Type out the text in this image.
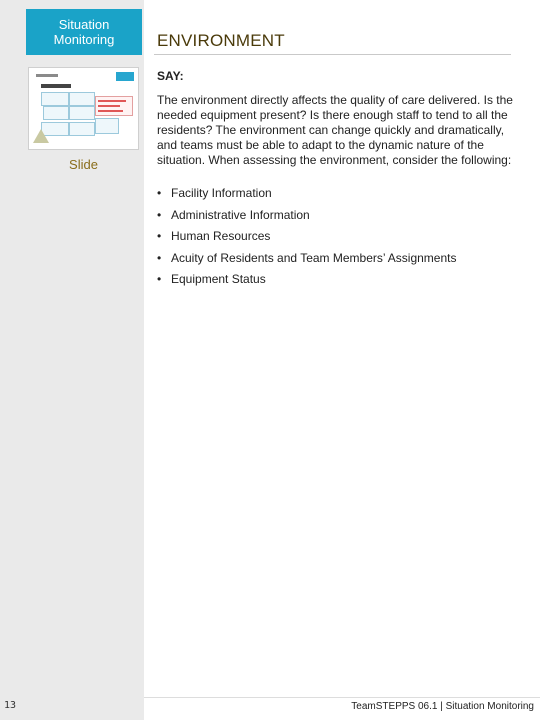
Situation Monitoring
Slide
13
ENVIRONMENT
SAY:
The environment directly affects the quality of care delivered. Is the needed equipment present? Is there enough staff to tend to all the residents? The environment can change quickly and dramatically, and teams must be able to adapt to the dynamic nature of the situation. When assessing the environment, consider the following:
• Facility Information
• Administrative Information
• Human Resources
• Acuity of Residents and Team Members’ Assignments
• Equipment Status
TeamSTEPPS 06.1 | Situation Monitoring
